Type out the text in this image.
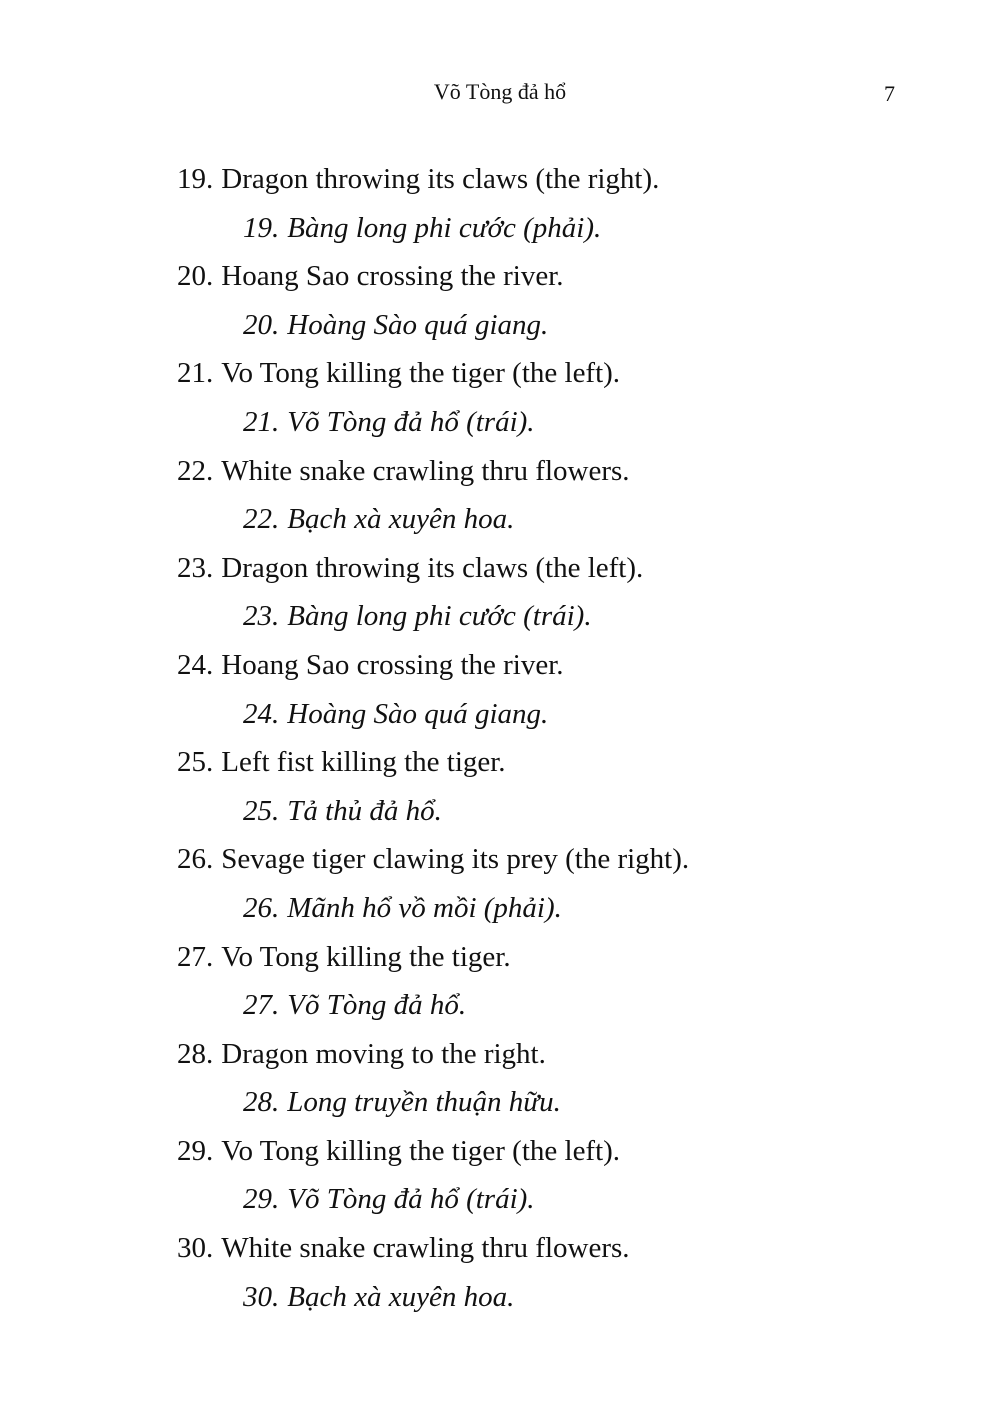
Võ Tòng đả hổ	7
19. Dragon throwing its claws (the right).
19. Bàng long phi cước (phải).
20. Hoang Sao crossing the river.
20. Hoàng Sào quá giang.
21. Vo Tong killing the tiger (the left).
21. Võ Tòng đả hổ (trái).
22. White snake crawling thru flowers.
22. Bạch xà xuyên hoa.
23. Dragon throwing its claws (the left).
23. Bàng long phi cước (trái).
24. Hoang Sao crossing the river.
24. Hoàng Sào quá giang.
25. Left fist killing the tiger.
25. Tả thủ đả hổ.
26. Sevage tiger clawing its prey (the right).
26. Mãnh hổ vồ mồi (phải).
27. Vo Tong killing the tiger.
27. Võ Tòng đả hổ.
28. Dragon moving to the right.
28. Long truyền thuận hữu.
29. Vo Tong killing the tiger (the left).
29. Võ Tòng đả hổ (trái).
30. White snake crawling thru flowers.
30. Bạch xà xuyên hoa.
